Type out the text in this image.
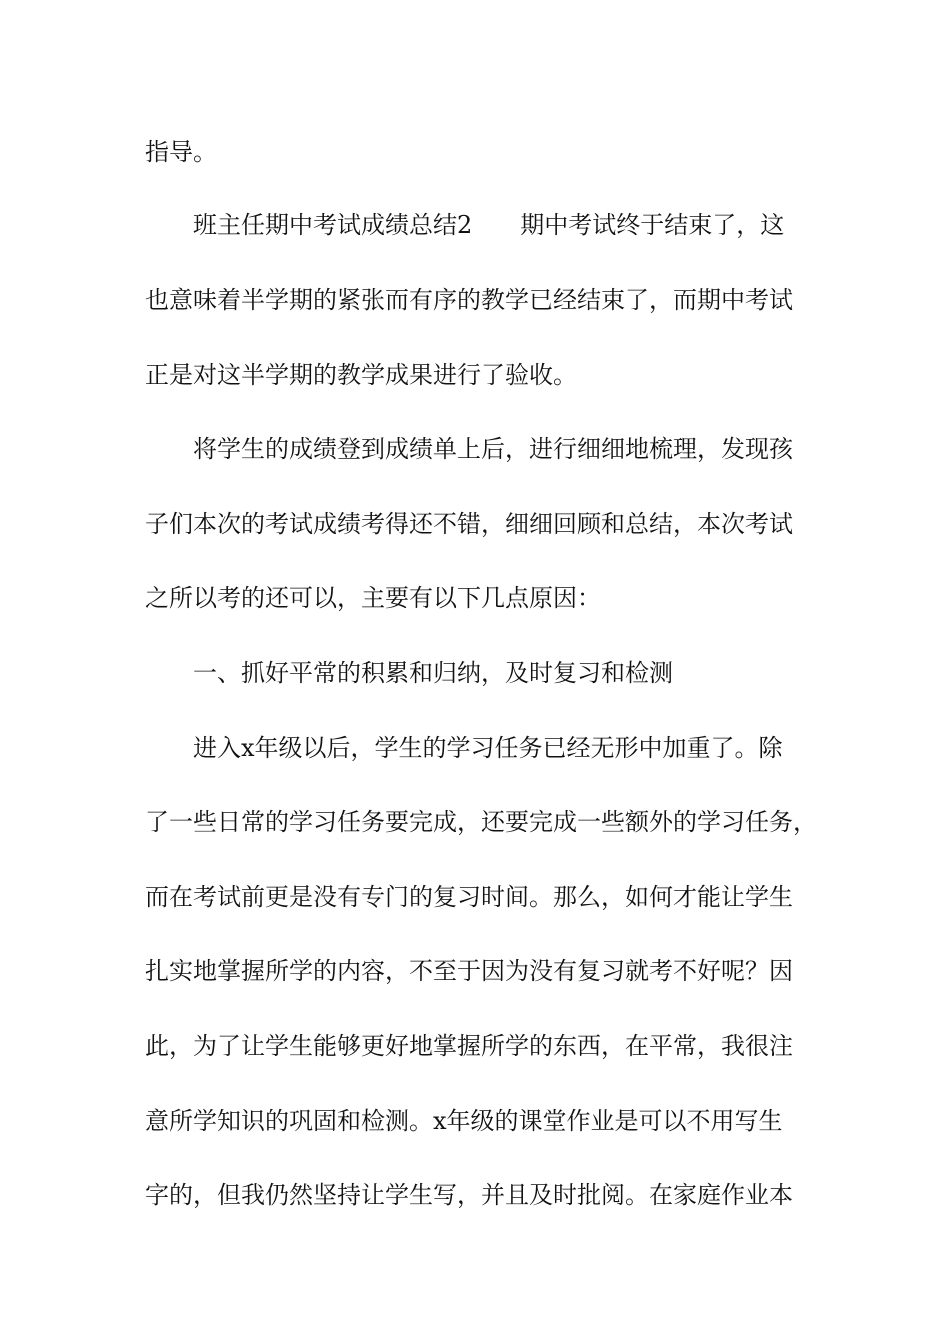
指导。
班主任期中考试成绩总结2 期中考试终于结束了，这
也意味着半学期的紧张而有序的教学已经结束了，而期中考试
正是对这半学期的教学成果进行了验收。
将学生的成绩登到成绩单上后，进行细细地梳理，发现孩
子们本次的考试成绩考得还不错，细细回顾和总结，本次考试
之所以考的还可以，主要有以下几点原因：
一、抓好平常的积累和归纳，及时复习和检测
进入x年级以后，学生的学习任务已经无形中加重了。除
了一些日常的学习任务要完成，还要完成一些额外的学习任务，
而在考试前更是没有专门的复习时间。那么，如何才能让学生
扎实地掌握所学的内容，不至于因为没有复习就考不好呢？因
此，为了让学生能够更好地掌握所学的东西，在平常，我很注
意所学知识的巩固和检测。x年级的课堂作业是可以不用写生
字的，但我仍然坚持让学生写，并且及时批阅。在家庭作业本
